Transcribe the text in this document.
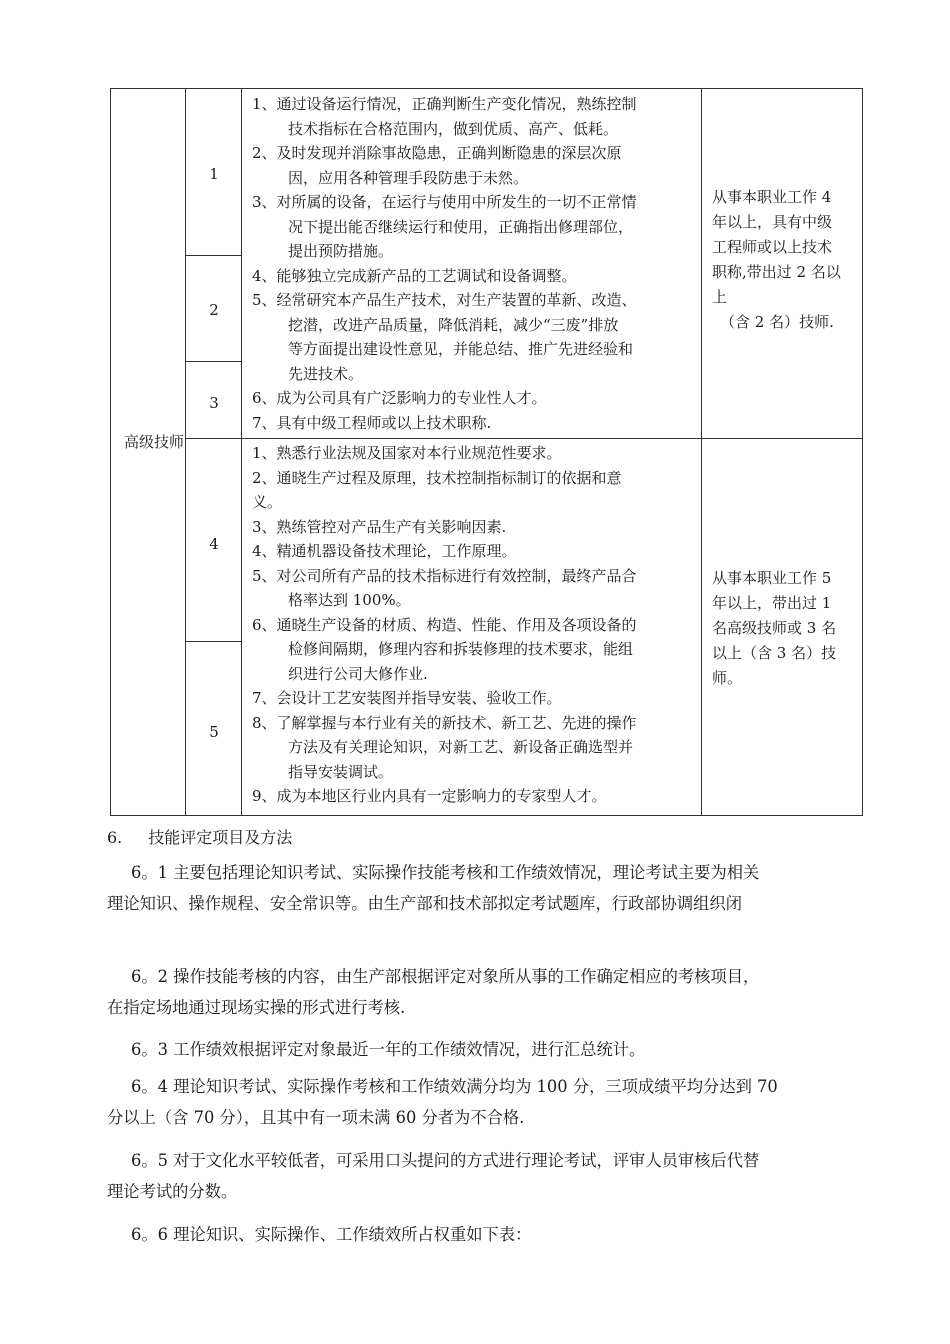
高级技师
1
2
3
4
5

1、通过设备运行情况，正确判断生产变化情况，熟练控制

技术指标在合格范围内，做到优质、高产、低耗。

2、及时发现并消除事故隐患，正确判断隐患的深层次原

因，应用各种管理手段防患于未然。

3、对所属的设备，在运行与使用中所发生的一切不正常情

况下提出能否继续运行和使用，正确指出修理部位，

提出预防措施。

4、能够独立完成新产品的工艺调试和设备调整。

5、经常研究本产品生产技术，对生产装置的革新、改造、

挖潜，改进产品质量，降低消耗，减少“三废”排放

等方面提出建设性意见，并能总结、推广先进经验和

先进技术。

6、成为公司具有广泛影响力的专业性人才。

7、具有中级工程师或以上技术职称.

从事本职业工作 4
年以上，具有中级
工程师或以上技术
职称,带出过 2 名以
上
（含 2 名）技师.

1、熟悉行业法规及国家对本行业规范性要求。

2、通晓生产过程及原理，技术控制指标制订的依据和意

义。

3、熟练管控对产品生产有关影响因素.

4、精通机器设备技术理论，工作原理。

5、对公司所有产品的技术指标进行有效控制，最终产品合

格率达到 100%。

6、通晓生产设备的材质、构造、性能、作用及各项设备的

检修间隔期，修理内容和拆装修理的技术要求，能组

织进行公司大修作业.

7、会设计工艺安装图并指导安装、验收工作。

8、了解掌握与本行业有关的新技术、新工艺、先进的操作

方法及有关理论知识，对新工艺、新设备正确选型并

指导安装调试。

9、成为本地区行业内具有一定影响力的专家型人才。

从事本职业工作 5
年以上，带出过 1
名高级技师或 3 名
以上（含 3 名）技
师。
6. 技能评定项目及方法
6。1 主要包括理论知识考试、实际操作技能考核和工作绩效情况，理论考试主要为相关
理论知识、操作规程、安全常识等。由生产部和技术部拟定考试题库，行政部协调组织闭
6。2 操作技能考核的内容，由生产部根据评定对象所从事的工作确定相应的考核项目，
在指定场地通过现场实操的形式进行考核.
6。3 工作绩效根据评定对象最近一年的工作绩效情况，进行汇总统计。
6。4 理论知识考试、实际操作考核和工作绩效满分均为 100 分，三项成绩平均分达到 70
分以上（含 70 分），且其中有一项未满 60 分者为不合格.
6。5 对于文化水平较低者，可采用口头提问的方式进行理论考试，评审人员审核后代替
理论考试的分数。
6。6 理论知识、实际操作、工作绩效所占权重如下表：
